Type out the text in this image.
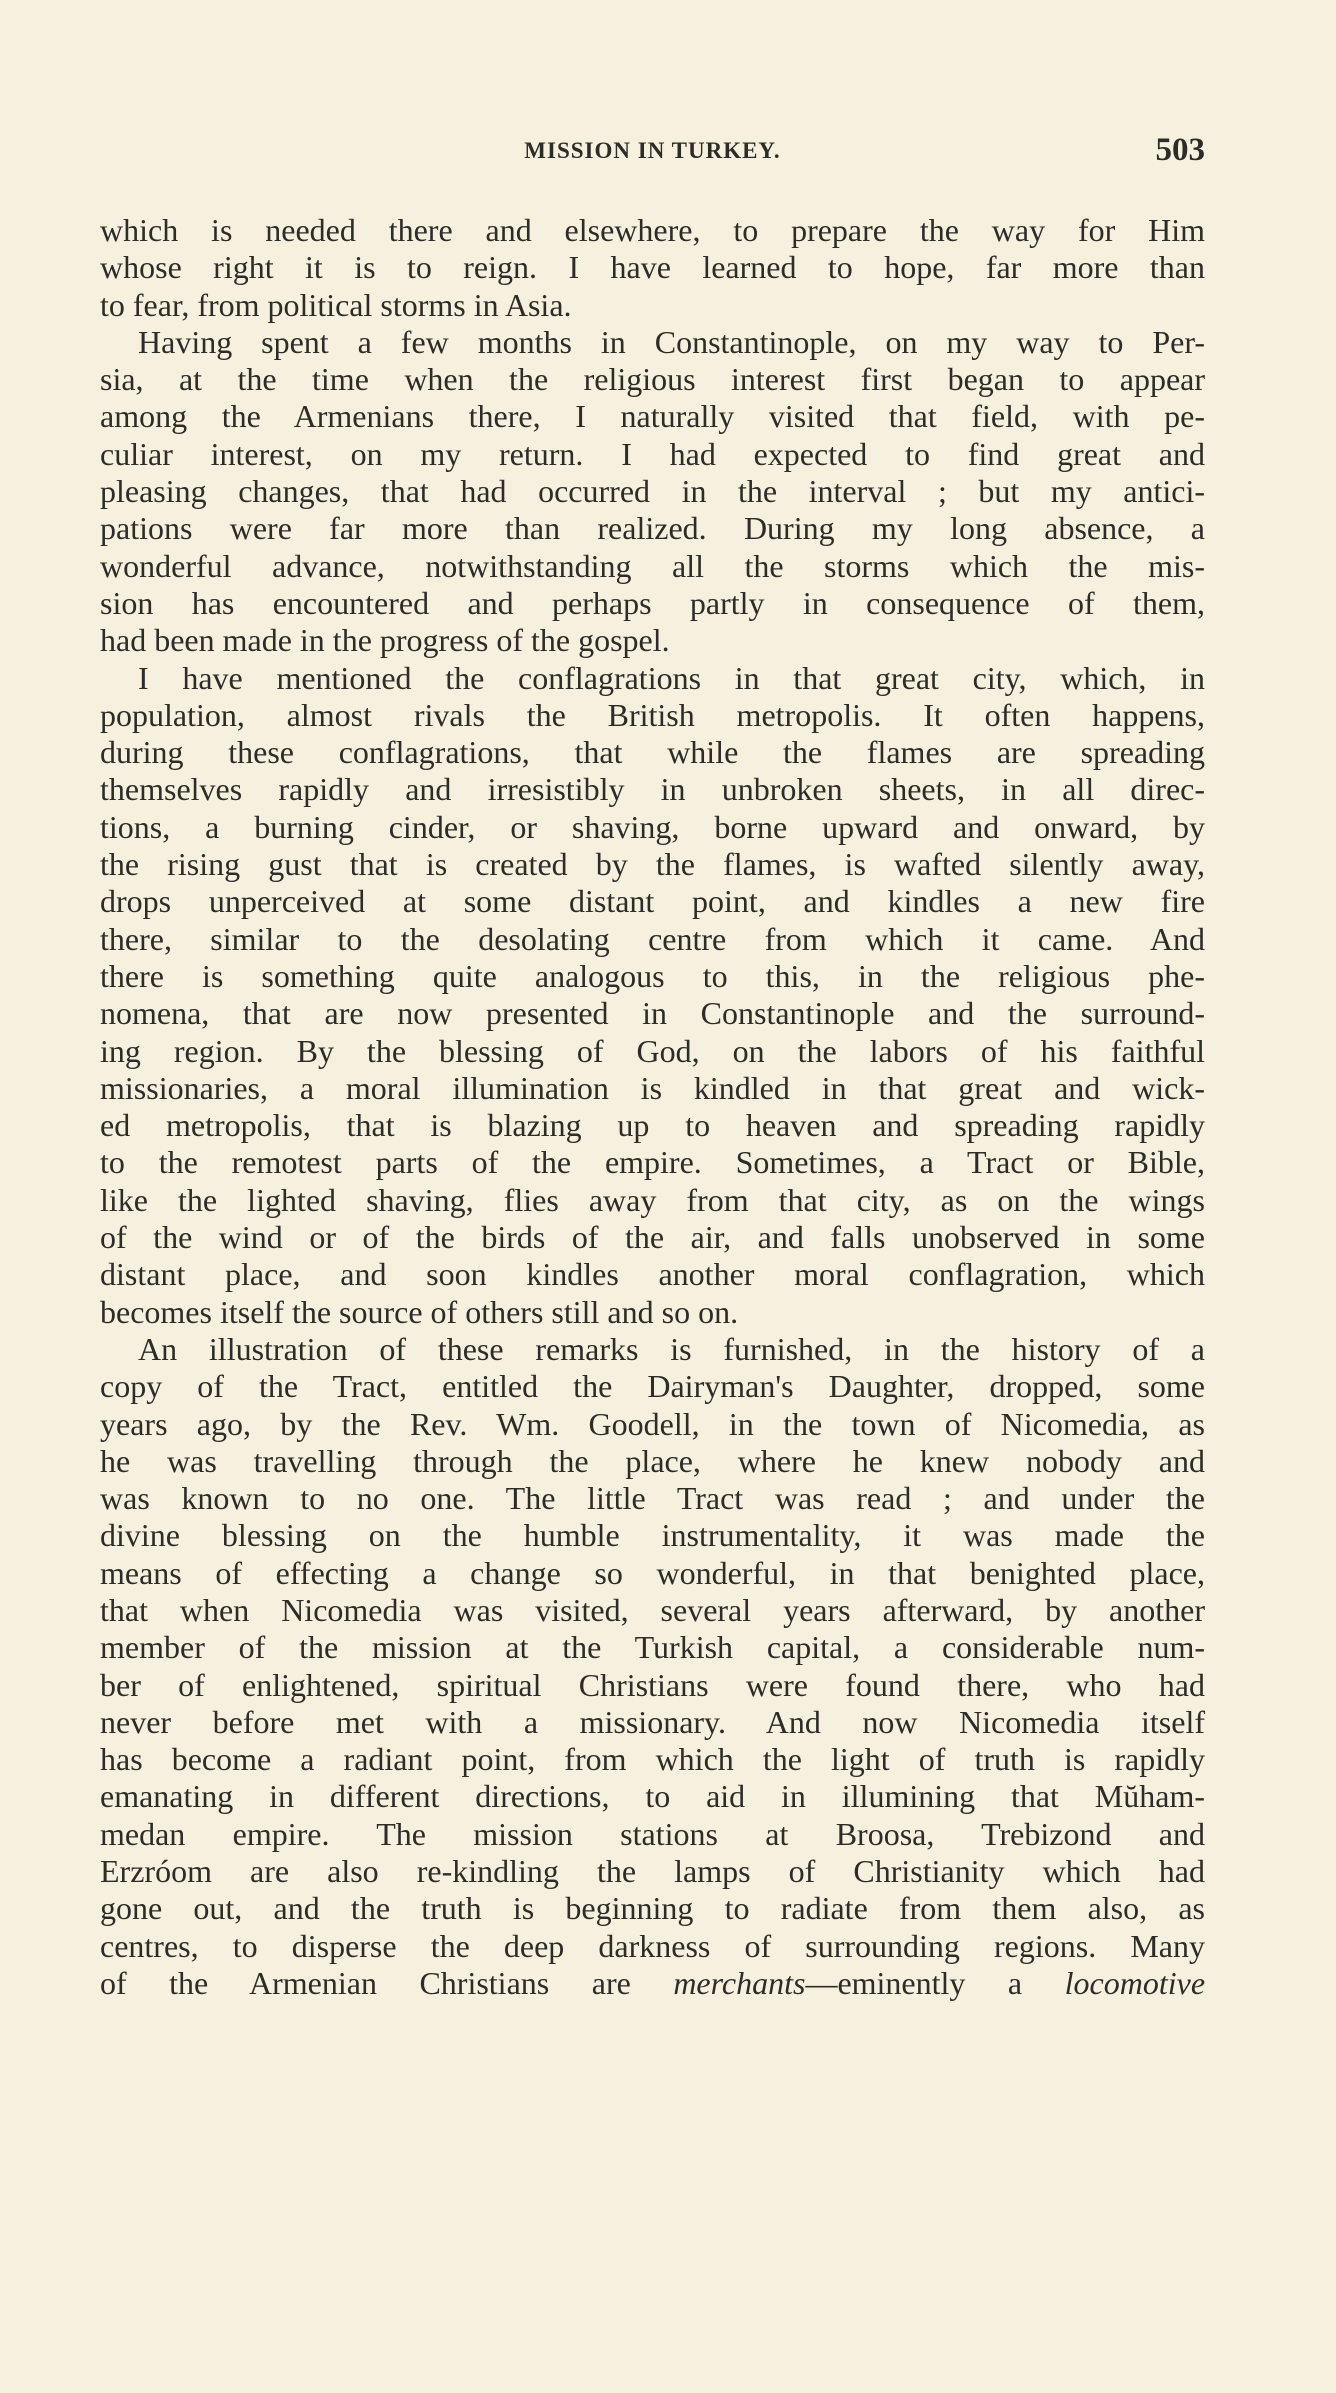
MISSION IN TURKEY.	503
which is needed there and elsewhere, to prepare the way for Him
whose right it is to reign. I have learned to hope, far more than
to fear, from political storms in Asia.
Having spent a few months in Constantinople, on my way to Per-
sia, at the time when the religious interest first began to appear
among the Armenians there, I naturally visited that field, with pe-
culiar interest, on my return. I had expected to find great and
pleasing changes, that had occurred in the interval ; but my antici-
pations were far more than realized. During my long absence, a
wonderful advance, notwithstanding all the storms which the mis-
sion has encountered and perhaps partly in consequence of them,
had been made in the progress of the gospel.
I have mentioned the conflagrations in that great city, which, in
population, almost rivals the British metropolis. It often happens,
during these conflagrations, that while the flames are spreading
themselves rapidly and irresistibly in unbroken sheets, in all direc-
tions, a burning cinder, or shaving, borne upward and onward, by
the rising gust that is created by the flames, is wafted silently away,
drops unperceived at some distant point, and kindles a new fire
there, similar to the desolating centre from which it came. And
there is something quite analogous to this, in the religious phe-
nomena, that are now presented in Constantinople and the surround-
ing region. By the blessing of God, on the labors of his faithful
missionaries, a moral illumination is kindled in that great and wick-
ed metropolis, that is blazing up to heaven and spreading rapidly
to the remotest parts of the empire. Sometimes, a Tract or Bible,
like the lighted shaving, flies away from that city, as on the wings
of the wind or of the birds of the air, and falls unobserved in some
distant place, and soon kindles another moral conflagration, which
becomes itself the source of others still and so on.
An illustration of these remarks is furnished, in the history of a
copy of the Tract, entitled the Dairyman's Daughter, dropped, some
years ago, by the Rev. Wm. Goodell, in the town of Nicomedia, as
he was travelling through the place, where he knew nobody and
was known to no one. The little Tract was read ; and under the
divine blessing on the humble instrumentality, it was made the
means of effecting a change so wonderful, in that benighted place,
that when Nicomedia was visited, several years afterward, by another
member of the mission at the Turkish capital, a considerable num-
ber of enlightened, spiritual Christians were found there, who had
never before met with a missionary. And now Nicomedia itself
has become a radiant point, from which the light of truth is rapidly
emanating in different directions, to aid in illumining that Mŭham-
medan empire. The mission stations at Broosa, Trebizond and
Erzróom are also re-kindling the lamps of Christianity which had
gone out, and the truth is beginning to radiate from them also, as
centres, to disperse the deep darkness of surrounding regions. Many
of the Armenian Christians are merchants—eminently a locomotive
